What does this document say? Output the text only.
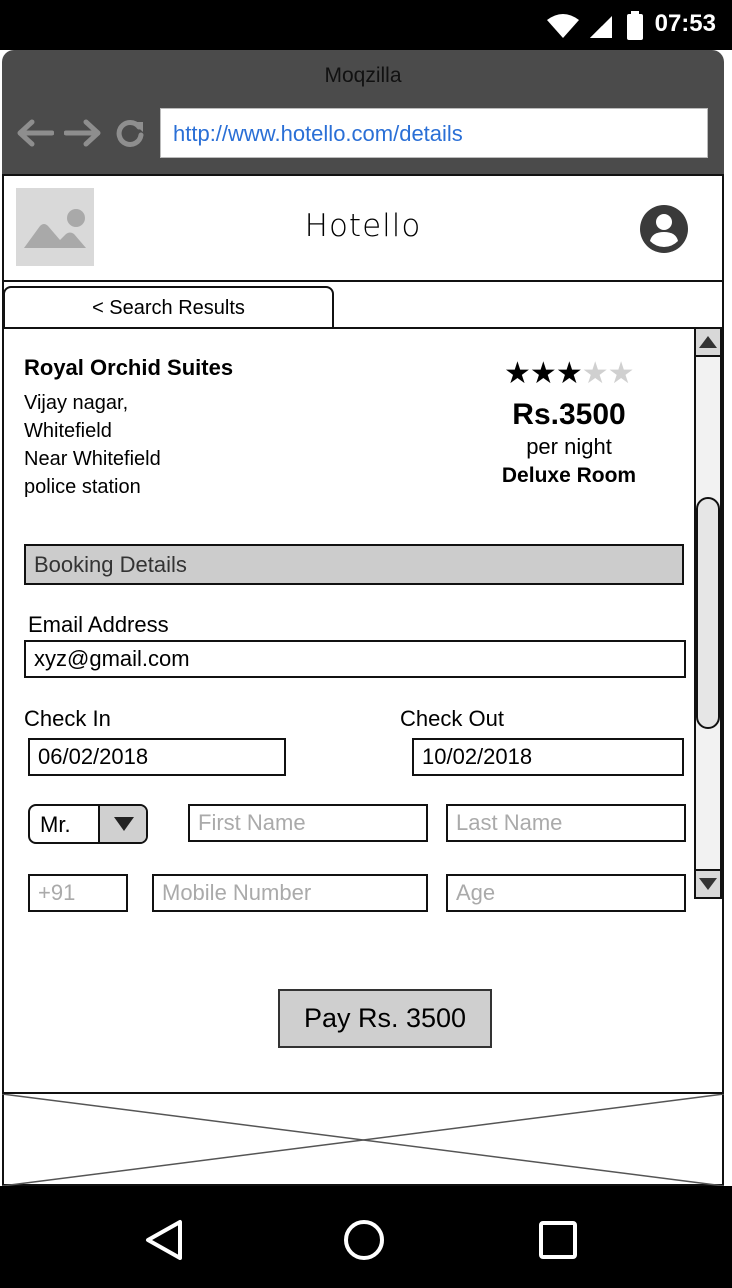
07:53
Moqzilla
http://www.hotello.com/details
Hotello
< Search Results
Royal Orchid Suites
Vijay nagar,
Whitefield
Near Whitefield
police station
★★★★★
Rs.3500
per night
Deluxe Room
Booking Details
Email Address
xyz@gmail.com
Check In	Check Out
06/02/2018	10/02/2018
Mr.	First Name	Last Name
+91	Mobile Number	Age
Pay Rs. 3500
